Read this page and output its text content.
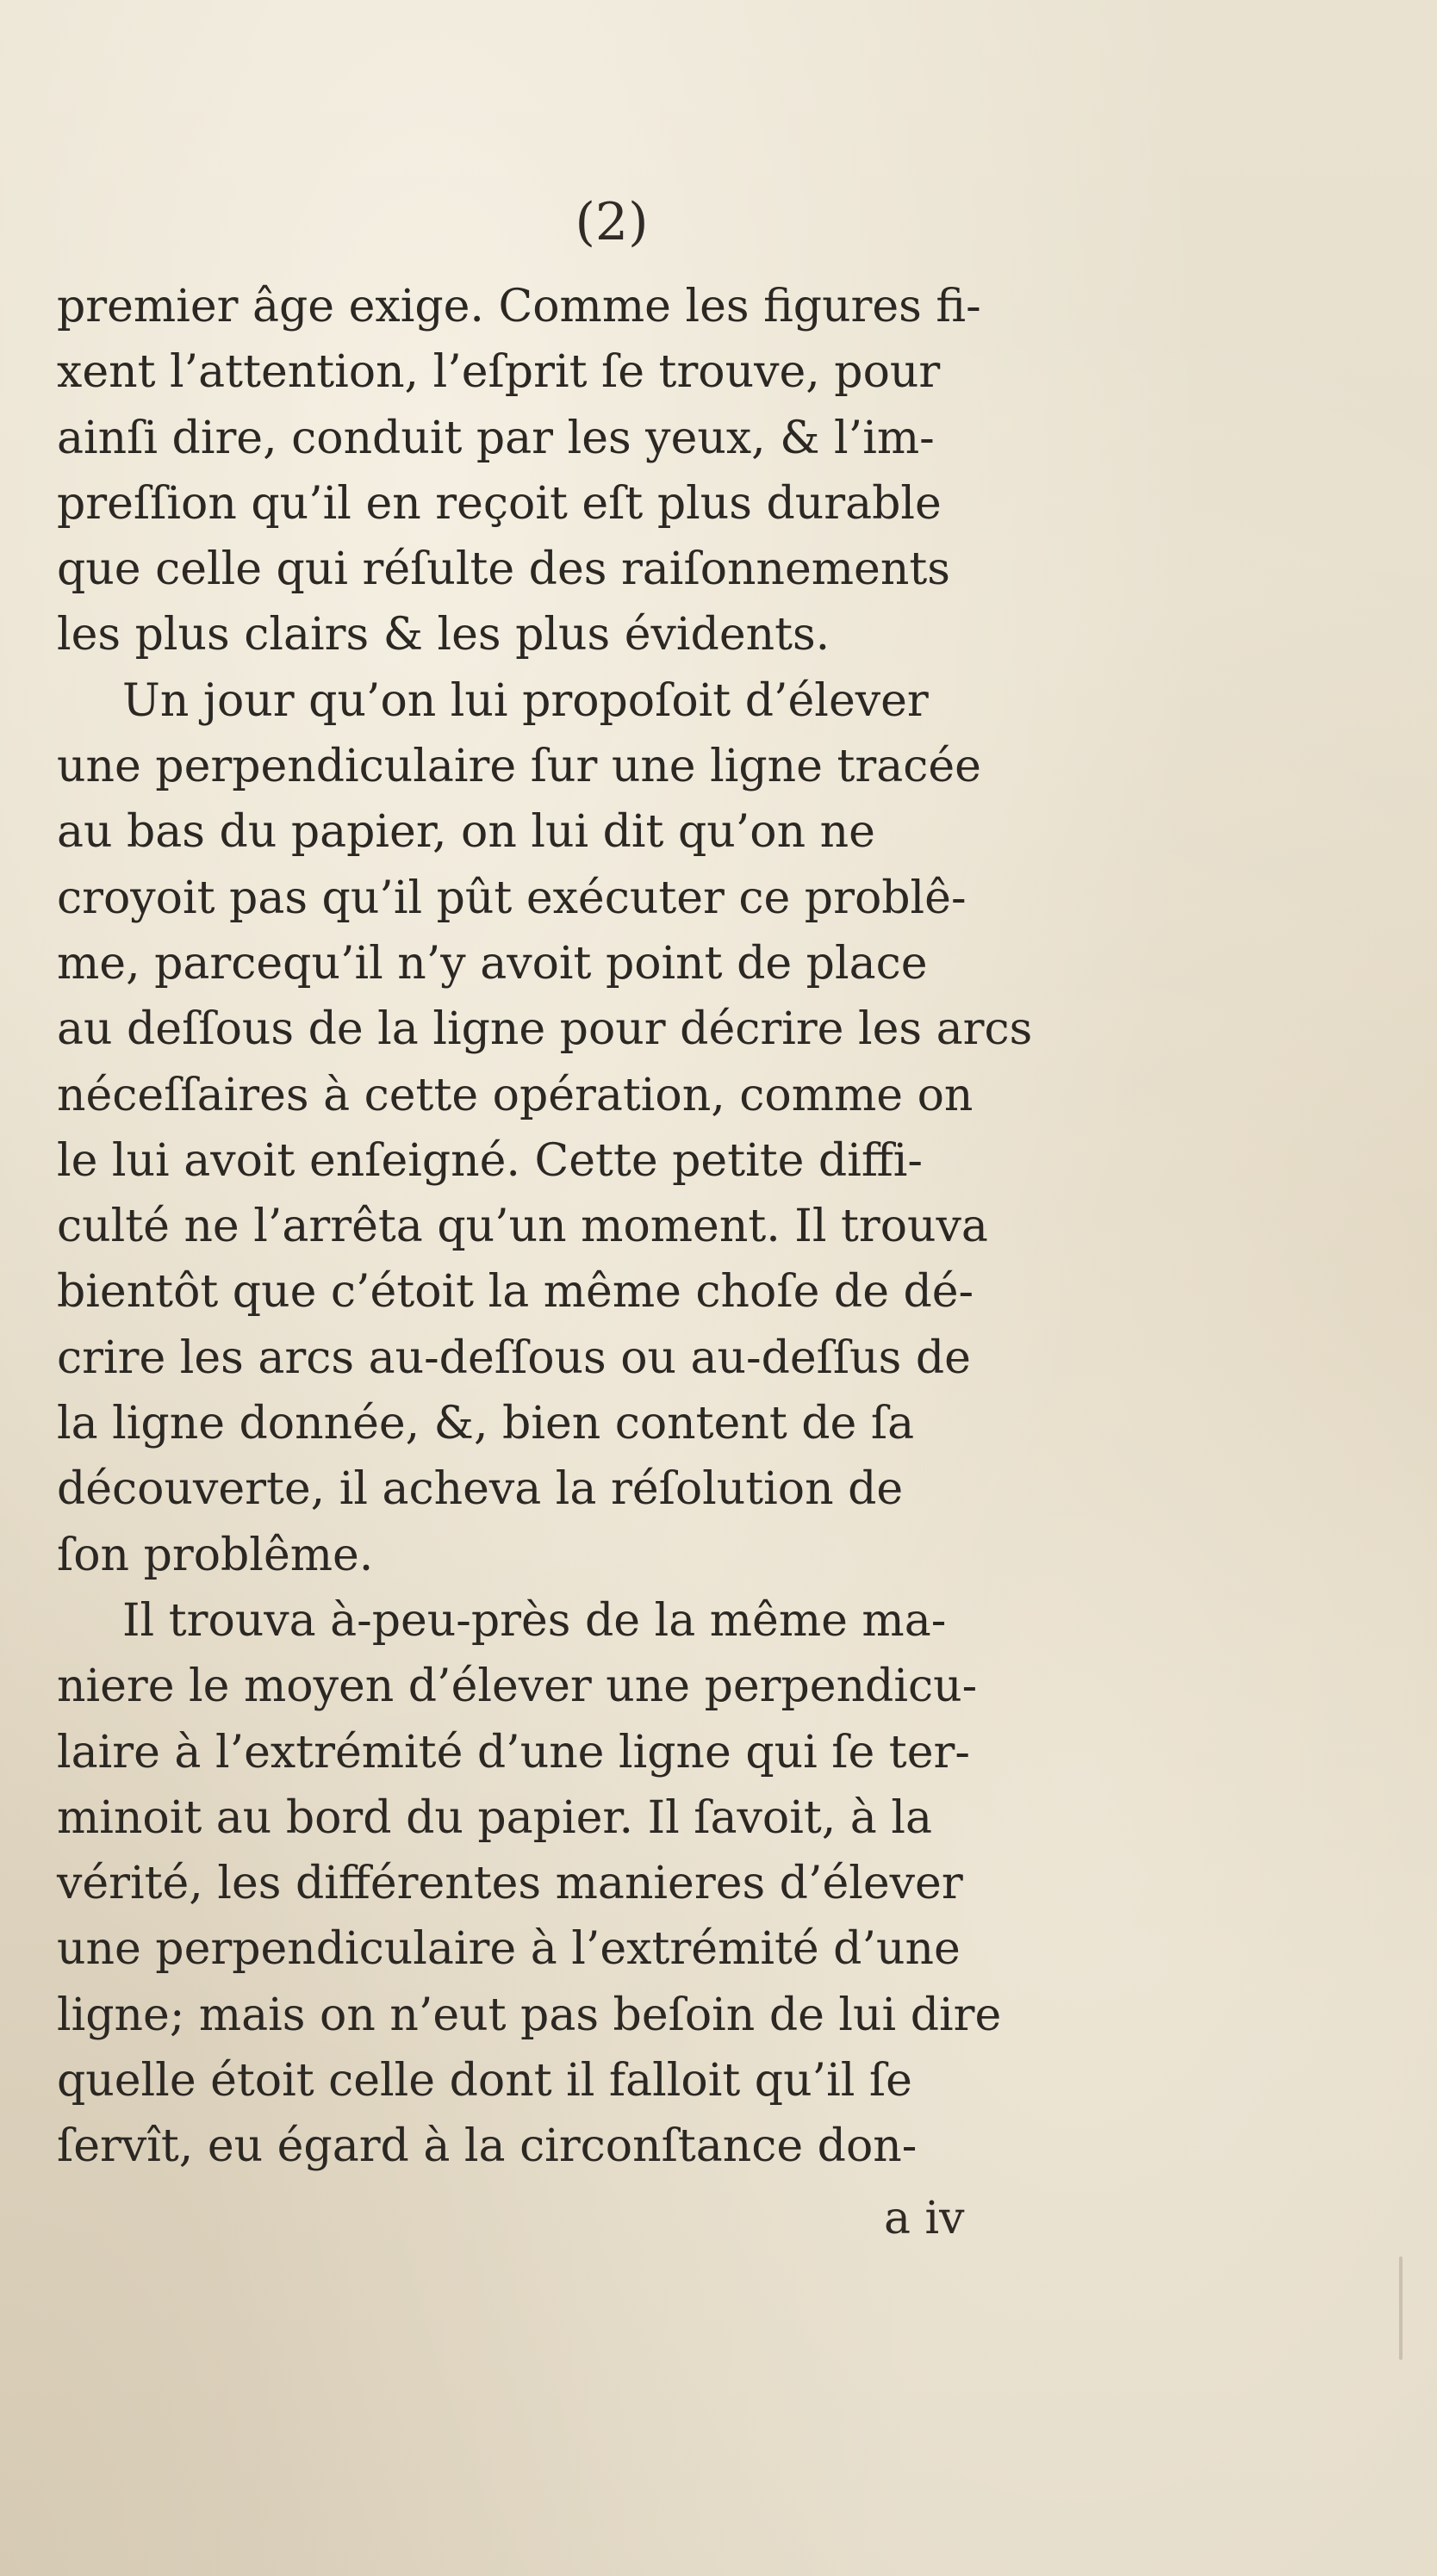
(2)
premier âge exige. Comme les figures fi-
xent l’attention, l’eſprit ſe trouve, pour
ainſi dire, conduit par les yeux, & l’im-
preſſion qu’il en reçoit eſt plus durable
que celle qui réſulte des raiſonnements
les plus clairs & les plus évidents.
Un jour qu’on lui propoſoit d’élever
une perpendiculaire ſur une ligne tracée
au bas du papier, on lui dit qu’on ne
croyoit pas qu’il pût exécuter ce problê-
me, parcequ’il n’y avoit point de place
au deſſous de la ligne pour décrire les arcs
néceſſaires à cette opération, comme on
le lui avoit enſeigné. Cette petite diffi-
culté ne l’arrêta qu’un moment. Il trouva
bientôt que c’étoit la même choſe de dé-
crire les arcs au-deſſous ou au-deſſus de
la ligne donnée, &, bien content de ſa
découverte, il acheva la réſolution de
ſon problême.
Il trouva à-peu-près de la même ma-
niere le moyen d’élever une perpendicu-
laire à l’extrémité d’une ligne qui ſe ter-
minoit au bord du papier. Il ſavoit, à la
vérité, les différentes manieres d’élever
une perpendiculaire à l’extrémité d’une
ligne; mais on n’eut pas beſoin de lui dire
quelle étoit celle dont il falloit qu’il ſe
ſervît, eu égard à la circonſtance don-
a iv
